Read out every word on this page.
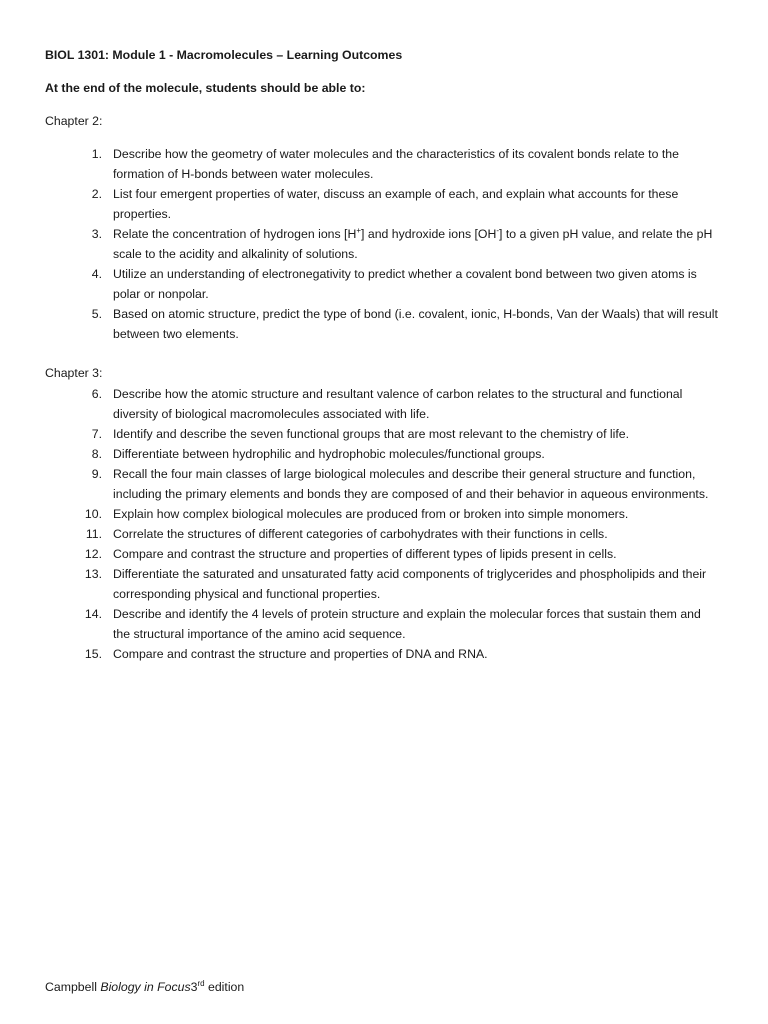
BIOL 1301: Module 1 - Macromolecules – Learning Outcomes
At the end of the molecule, students should be able to:
Chapter 2:
1. Describe how the geometry of water molecules and the characteristics of its covalent bonds relate to the formation of H-bonds between water molecules.
2. List four emergent properties of water, discuss an example of each, and explain what accounts for these properties.
3. Relate the concentration of hydrogen ions [H+] and hydroxide ions [OH-] to a given pH value, and relate the pH scale to the acidity and alkalinity of solutions.
4. Utilize an understanding of electronegativity to predict whether a covalent bond between two given atoms is polar or nonpolar.
5. Based on atomic structure, predict the type of bond (i.e. covalent, ionic, H-bonds, Van der Waals) that will result between two elements.
Chapter 3:
6. Describe how the atomic structure and resultant valence of carbon relates to the structural and functional diversity of biological macromolecules associated with life.
7. Identify and describe the seven functional groups that are most relevant to the chemistry of life.
8. Differentiate between hydrophilic and hydrophobic molecules/functional groups.
9. Recall the four main classes of large biological molecules and describe their general structure and function, including the primary elements and bonds they are composed of and their behavior in aqueous environments.
10. Explain how complex biological molecules are produced from or broken into simple monomers.
11. Correlate the structures of different categories of carbohydrates with their functions in cells.
12. Compare and contrast the structure and properties of different types of lipids present in cells.
13. Differentiate the saturated and unsaturated fatty acid components of triglycerides and phospholipids and their corresponding physical and functional properties.
14. Describe and identify the 4 levels of protein structure and explain the molecular forces that sustain them and the structural importance of the amino acid sequence.
15. Compare and contrast the structure and properties of DNA and RNA.
Campbell Biology in Focus3rd edition
